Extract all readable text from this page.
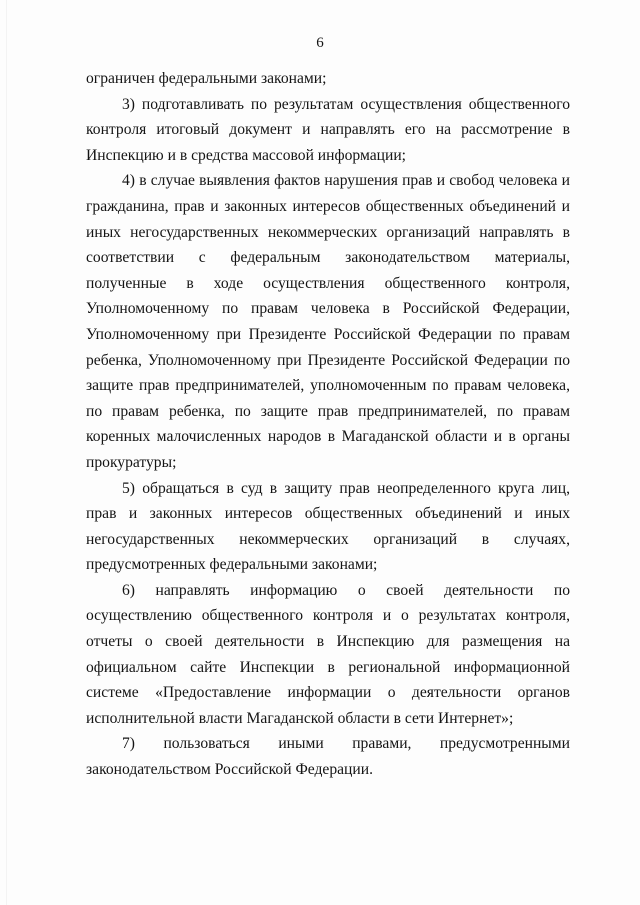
6

ограничен федеральными законами;

3) подготавливать по результатам осуществления общественного контроля итоговый документ и направлять его на рассмотрение в Инспекцию и в средства массовой информации;

4) в случае выявления фактов нарушения прав и свобод человека и гражданина, прав и законных интересов общественных объединений и иных негосударственных некоммерческих организаций направлять в соответствии с федеральным законодательством материалы, полученные в ходе осуществления общественного контроля, Уполномоченному по правам человека в Российской Федерации, Уполномоченному при Президенте Российской Федерации по правам ребенка, Уполномоченному при Президенте Российской Федерации по защите прав предпринимателей, уполномоченным по правам человека, по правам ребенка, по защите прав предпринимателей, по правам коренных малочисленных народов в Магаданской области и в органы прокуратуры;

5) обращаться в суд в защиту прав неопределенного круга лиц, прав и законных интересов общественных объединений и иных негосударственных некоммерческих организаций в случаях, предусмотренных федеральными законами;

6) направлять информацию о своей деятельности по осуществлению общественного контроля и о результатах контроля, отчеты о своей деятельности в Инспекцию для размещения на официальном сайте Инспекции в региональной информационной системе «Предоставление информации о деятельности органов исполнительной власти Магаданской области в сети Интернет»;

7) пользоваться иными правами, предусмотренными законодательством Российской Федерации.
